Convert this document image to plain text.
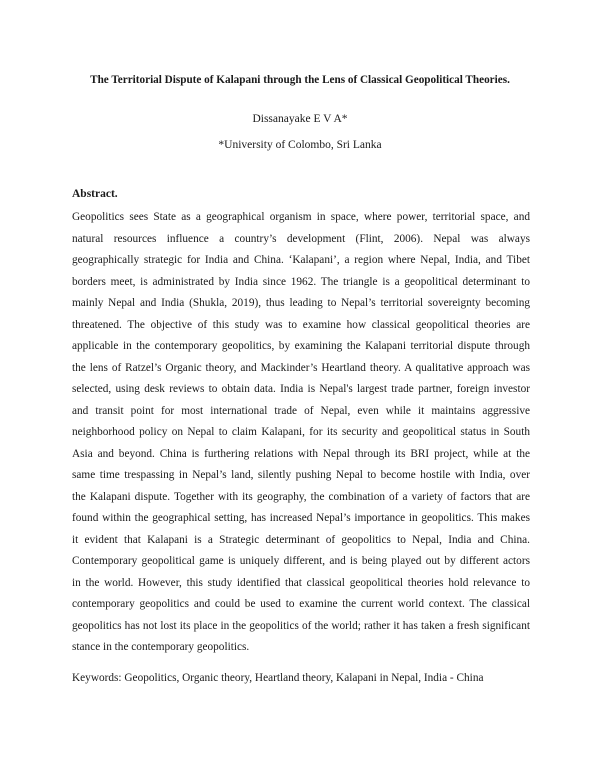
The Territorial Dispute of Kalapani through the Lens of Classical Geopolitical Theories.
Dissanayake E V A*
*University of Colombo, Sri Lanka
Abstract.
Geopolitics sees State as a geographical organism in space, where power, territorial space, and
natural resources influence a country’s development (Flint, 2006). Nepal was always
geographically strategic for India and China. ‘Kalapani’, a region where Nepal, India, and Tibet
borders meet, is administrated by India since 1962. The triangle is a geopolitical determinant to
mainly Nepal and India (Shukla, 2019), thus leading to Nepal’s territorial sovereignty becoming
threatened. The objective of this study was to examine how classical geopolitical theories are
applicable in the contemporary geopolitics, by examining the Kalapani territorial dispute through
the lens of Ratzel’s Organic theory, and Mackinder’s Heartland theory. A qualitative approach was
selected, using desk reviews to obtain data. India is Nepal's largest trade partner, foreign investor
and transit point for most international trade of Nepal, even while it maintains aggressive
neighborhood policy on Nepal to claim Kalapani, for its security and geopolitical status in South
Asia and beyond. China is furthering relations with Nepal through its BRI project, while at the
same time trespassing in Nepal’s land, silently pushing Nepal to become hostile with India, over
the Kalapani dispute. Together with its geography, the combination of a variety of factors that are
found within the geographical setting, has increased Nepal’s importance in geopolitics. This makes
it evident that Kalapani is a Strategic determinant of geopolitics to Nepal, India and China.
Contemporary geopolitical game is uniquely different, and is being played out by different actors
in the world. However, this study identified that classical geopolitical theories hold relevance to
contemporary geopolitics and could be used to examine the current world context. The classical
geopolitics has not lost its place in the geopolitics of the world; rather it has taken a fresh significant
stance in the contemporary geopolitics.
Keywords: Geopolitics, Organic theory, Heartland theory, Kalapani in Nepal, India - China
